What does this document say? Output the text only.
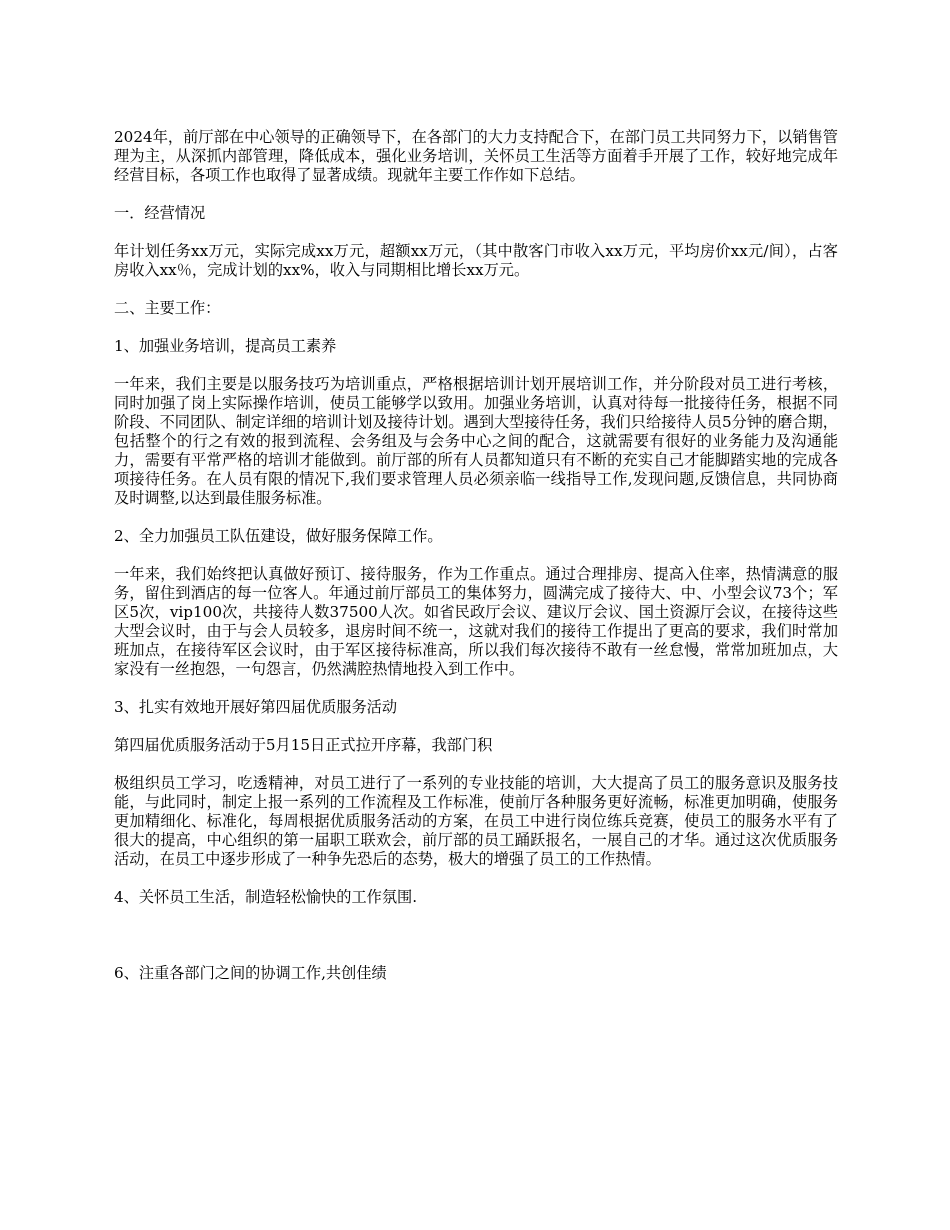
2024年，前厅部在中心领导的正确领导下，在各部门的大力支持配合下，在部门员工共同努力下，以销售管理为主，从深抓内部管理，降低成本，强化业务培训，关怀员工生活等方面着手开展了工作，较好地完成年经营目标，各项工作也取得了显著成绩。现就年主要工作作如下总结。

一．经营情况

年计划任务xx万元，实际完成xx万元，超额xx万元，（其中散客门市收入xx万元，平均房价xx元/间），占客房收入xx％，完成计划的xx%，收入与同期相比增长xx万元。

二、主要工作：

1、加强业务培训，提高员工素养

一年来，我们主要是以服务技巧为培训重点，严格根据培训计划开展培训工作，并分阶段对员工进行考核，同时加强了岗上实际操作培训，使员工能够学以致用。加强业务培训，认真对待每一批接待任务，根据不同阶段、不同团队、制定详细的培训计划及接待计划。遇到大型接待任务，我们只给接待人员5分钟的磨合期，包括整个的行之有效的报到流程、会务组及与会务中心之间的配合，这就需要有很好的业务能力及沟通能力，需要有平常严格的培训才能做到。前厅部的所有人员都知道只有不断的充实自己才能脚踏实地的完成各项接待任务。在人员有限的情况下,我们要求管理人员必须亲临一线指导工作,发现问题,反馈信息，共同协商及时调整,以达到最佳服务标准。

2、全力加强员工队伍建设，做好服务保障工作。

一年来，我们始终把认真做好预订、接待服务，作为工作重点。通过合理排房、提高入住率，热情满意的服务，留住到酒店的每一位客人。年通过前厅部员工的集体努力，圆满完成了接待大、中、小型会议73个；军区5次，vip100次，共接待人数37500人次。如省民政厅会议、建议厅会议、国土资源厅会议，在接待这些大型会议时，由于与会人员较多，退房时间不统一，这就对我们的接待工作提出了更高的要求，我们时常加班加点，在接待军区会议时，由于军区接待标准高，所以我们每次接待不敢有一丝怠慢，常常加班加点，大家没有一丝抱怨，一句怨言，仍然满腔热情地投入到工作中。

3、扎实有效地开展好第四届优质服务活动

第四届优质服务活动于5月15日正式拉开序幕，我部门积

极组织员工学习，吃透精神，对员工进行了一系列的专业技能的培训，大大提高了员工的服务意识及服务技能，与此同时，制定上报一系列的工作流程及工作标准，使前厅各种服务更好流畅，标准更加明确，使服务更加精细化、标准化，每周根据优质服务活动的方案，在员工中进行岗位练兵竞赛，使员工的服务水平有了很大的提高，中心组织的第一届职工联欢会，前厅部的员工踊跃报名，一展自己的才华。通过这次优质服务活动，在员工中逐步形成了一种争先恐后的态势，极大的增强了员工的工作热情。

4、关怀员工生活，制造轻松愉快的工作氛围.

6、注重各部门之间的协调工作,共创佳绩
